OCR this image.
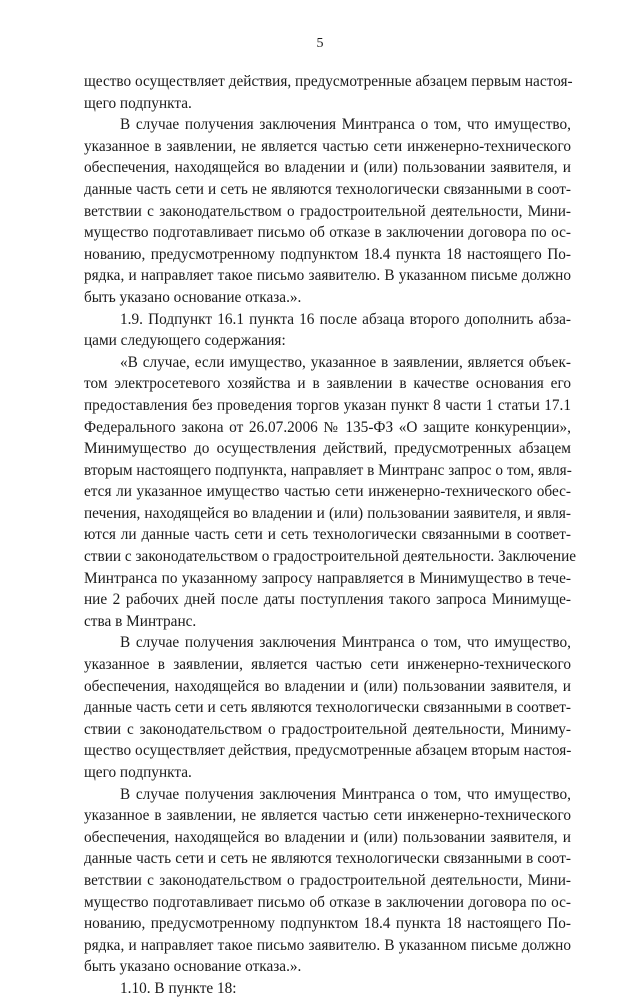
5
щество осуществляет действия, предусмотренные абзацем первым настоя-
щего подпункта.
В случае получения заключения Минтранса о том, что имущество,
указанное в заявлении, не является частью сети инженерно-технического
обеспечения, находящейся во владении и (или) пользовании заявителя, и
данные часть сети и сеть не являются технологически связанными в соот-
ветствии с законодательством о градостроительной деятельности, Мини-
мущество подготавливает письмо об отказе в заключении договора по ос-
нованию, предусмотренному подпунктом 18.4 пункта 18 настоящего По-
рядка, и направляет такое письмо заявителю. В указанном письме должно
быть указано основание отказа.».
1.9. Подпункт 16.1 пункта 16 после абзаца второго дополнить абза-
цами следующего содержания:
«В случае, если имущество, указанное в заявлении, является объек-
том электросетевого хозяйства и в заявлении в качестве основания его
предоставления без проведения торгов указан пункт 8 части 1 статьи 17.1
Федерального закона от 26.07.2006 № 135-ФЗ «О защите конкуренции»,
Минимущество до осуществления действий, предусмотренных абзацем
вторым настоящего подпункта, направляет в Минтранс запрос о том, явля-
ется ли указанное имущество частью сети инженерно-технического обес-
печения, находящейся во владении и (или) пользовании заявителя, и явля-
ются ли данные часть сети и сеть технологически связанными в соответ-
ствии с законодательством о градостроительной деятельности. Заключение
Минтранса по указанному запросу направляется в Минимущество в тече-
ние 2 рабочих дней после даты поступления такого запроса Минимуще-
ства в Минтранс.
В случае получения заключения Минтранса о том, что имущество,
указанное в заявлении, является частью сети инженерно-технического
обеспечения, находящейся во владении и (или) пользовании заявителя, и
данные часть сети и сеть являются технологически связанными в соответ-
ствии с законодательством о градостроительной деятельности, Миниму-
щество осуществляет действия, предусмотренные абзацем вторым настоя-
щего подпункта.
В случае получения заключения Минтранса о том, что имущество,
указанное в заявлении, не является частью сети инженерно-технического
обеспечения, находящейся во владении и (или) пользовании заявителя, и
данные часть сети и сеть не являются технологически связанными в соот-
ветствии с законодательством о градостроительной деятельности, Мини-
мущество подготавливает письмо об отказе в заключении договора по ос-
нованию, предусмотренному подпунктом 18.4 пункта 18 настоящего По-
рядка, и направляет такое письмо заявителю. В указанном письме должно
быть указано основание отказа.».
1.10. В пункте 18:
